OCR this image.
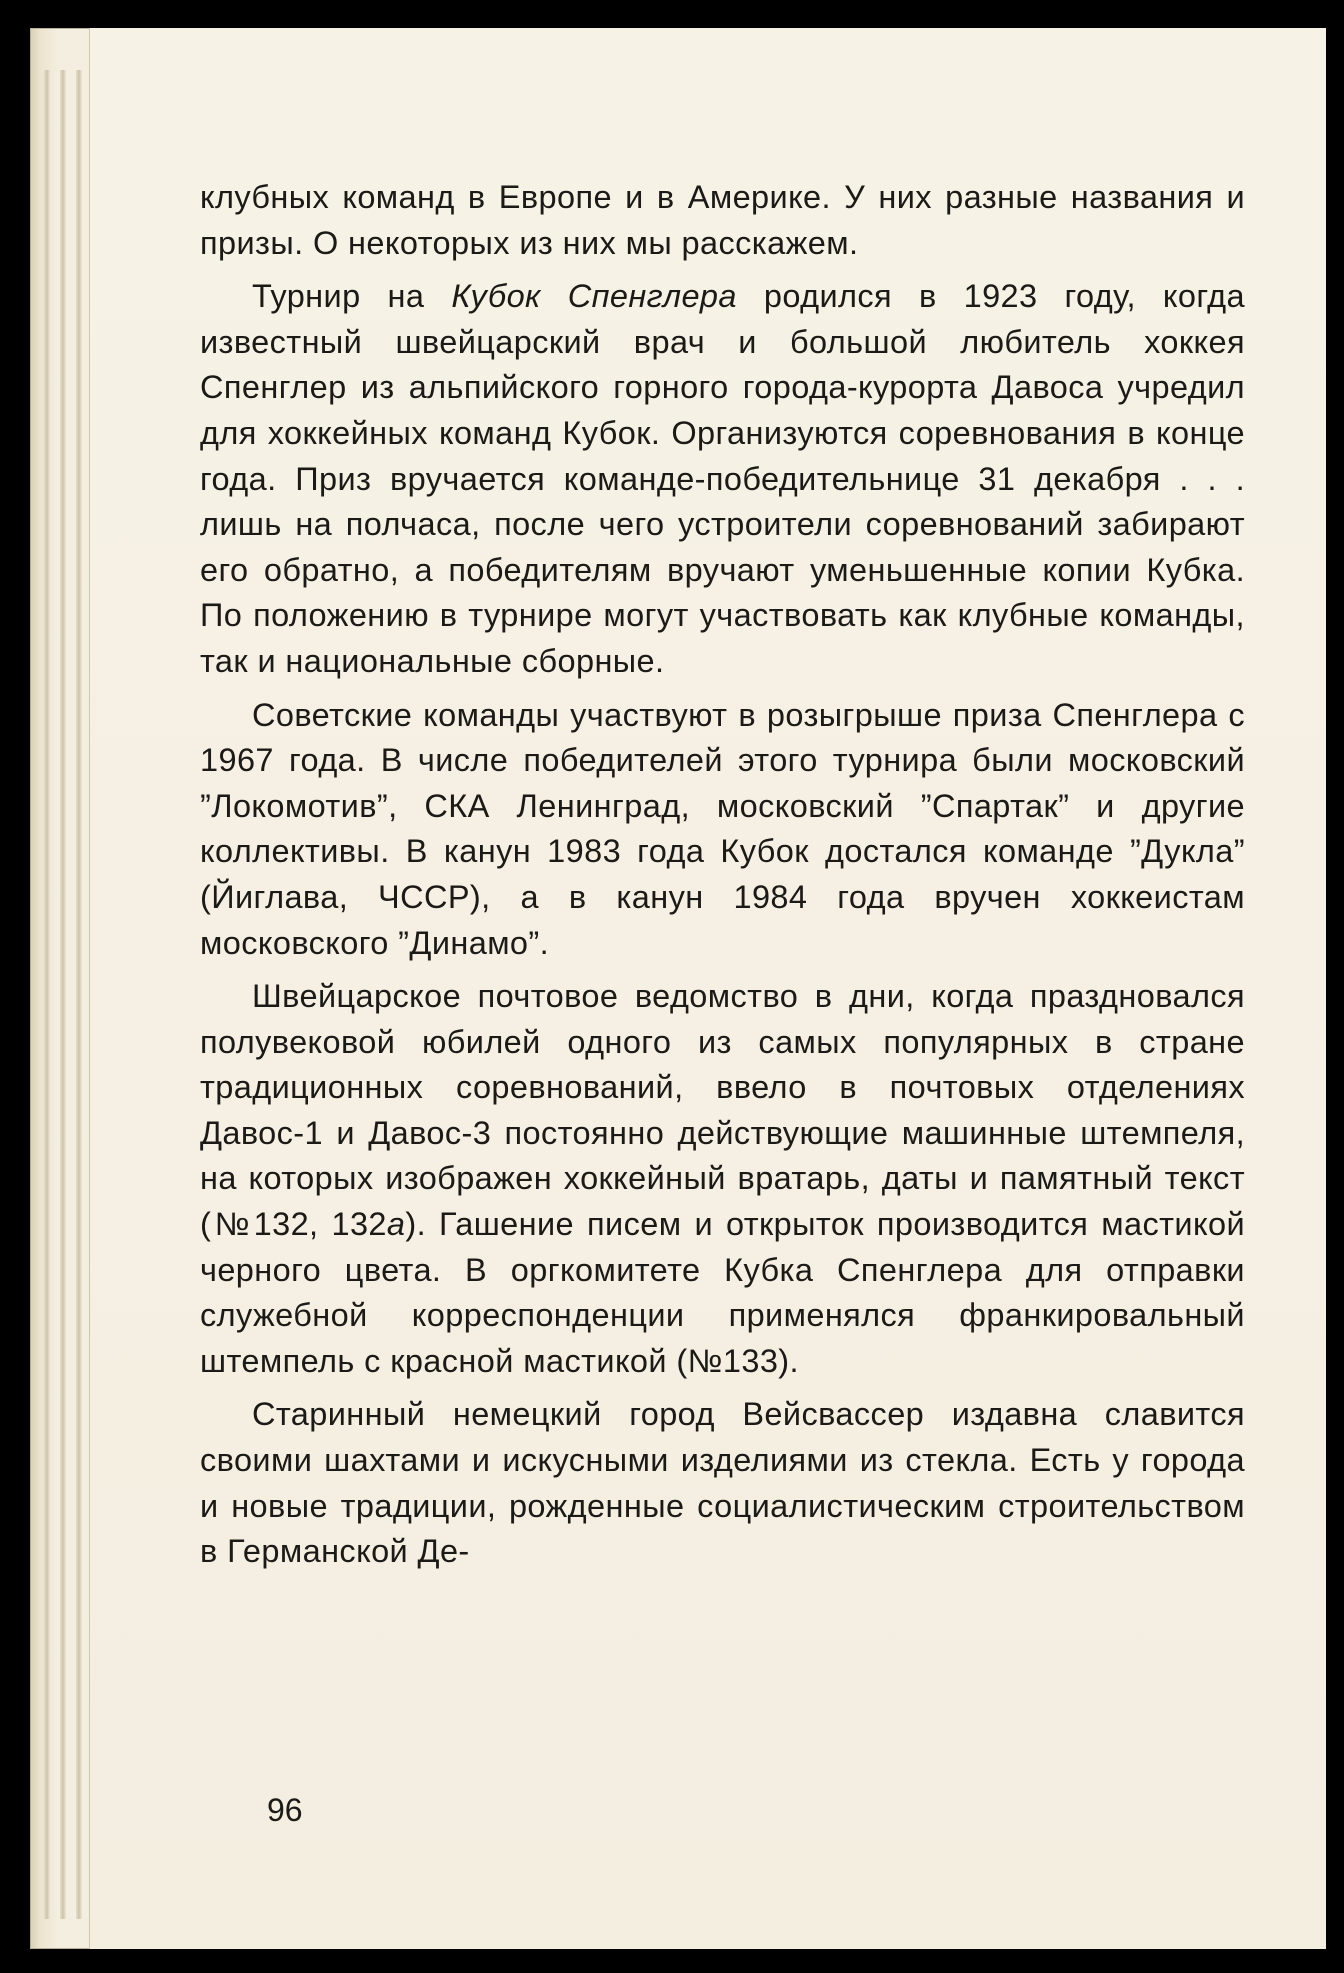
клубных команд в Европе и в Америке. У них разные названия и призы. О некоторых из них мы расскажем.

Турнир на Кубок Спенглера родился в 1923 году, когда известный швейцарский врач и большой любитель хоккея Спенглер из альпийского горного города-курорта Давоса учредил для хоккейных команд Кубок. Организуются соревнования в конце года. Приз вручается команде-победительнице 31 декабря . . . лишь на полчаса, после чего устроители соревнований забирают его обратно, а победителям вручают уменьшенные копии Кубка. По положению в турнире могут участвовать как клубные команды, так и национальные сборные.

Советские команды участвуют в розыгрыше приза Спенглера с 1967 года. В числе победителей этого турнира были московский ”Локомотив”, СКА Ленинград, московский ”Спартак” и другие коллективы. В канун 1983 года Кубок достался команде ”Дукла” (Йиглава, ЧССР), а в канун 1984 года вручен хоккеистам московского ”Динамо”.

Швейцарское почтовое ведомство в дни, когда праздновался полувековой юбилей одного из самых популярных в стране традиционных соревнований, ввело в почтовых отделениях Давос-1 и Давос-3 постоянно действующие машинные штемпеля, на которых изображен хоккейный вратарь, даты и памятный текст (№132, 132а). Гашение писем и открыток производится мастикой черного цвета. В оргкомитете Кубка Спенглера для отправки служебной корреспонденции применялся франкировальный штемпель с красной мастикой (№133).

Старинный немецкий город Вейсвассер издавна славится своими шахтами и искусными изделиями из стекла. Есть у города и новые традиции, рожденные социалистическим строительством в Германской Де-

96
